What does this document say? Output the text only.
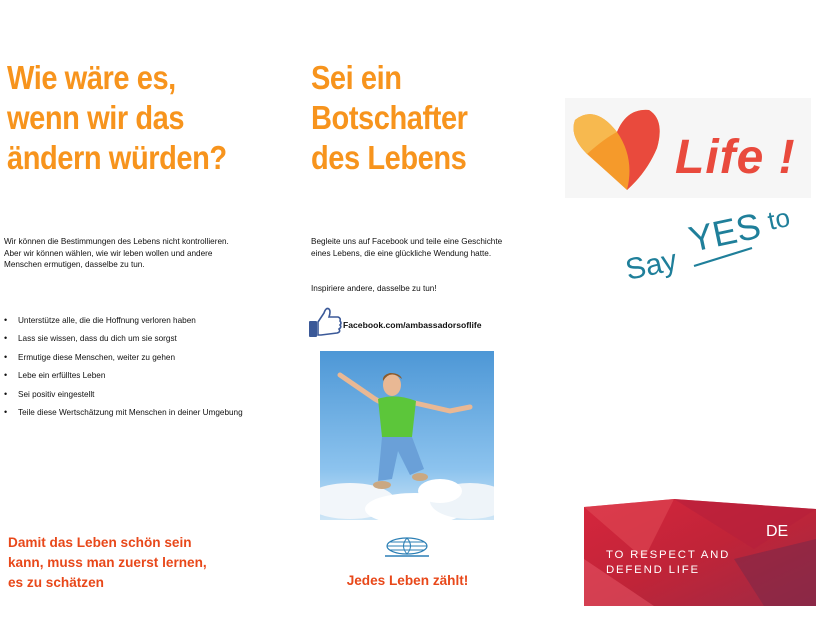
Wie wäre es,
wenn wir das
ändern würden?

Wir können die Bestimmungen des Lebens nicht kontrollieren. Aber wir können wählen, wie wir leben wollen und andere Menschen ermutigen, dasselbe zu tun.

• Unterstütze alle, die die Hoffnung verloren haben
• Lass sie wissen, dass du dich um sie sorgst
• Ermutige diese Menschen, weiter zu gehen
• Lebe ein erfülltes Leben
• Sei positiv eingestellt
• Teile diese Wertschätzung mit Menschen in deiner Umgebung
Damit das Leben schön sein
kann, muss man zuerst lernen,
es zu schätzen
Sei ein
Botschafter
des Lebens

Begleite uns auf Facebook und teile eine Geschichte eines Lebens, die eine glückliche Wendung hatte.

Inspiriere andere, dasselbe zu tun!

Facebook.com/ambassadorsoflife
Jedes Leben zählt!
Life !
Say
YES to
DE
TO RESPECT AND
DEFEND LIFE
